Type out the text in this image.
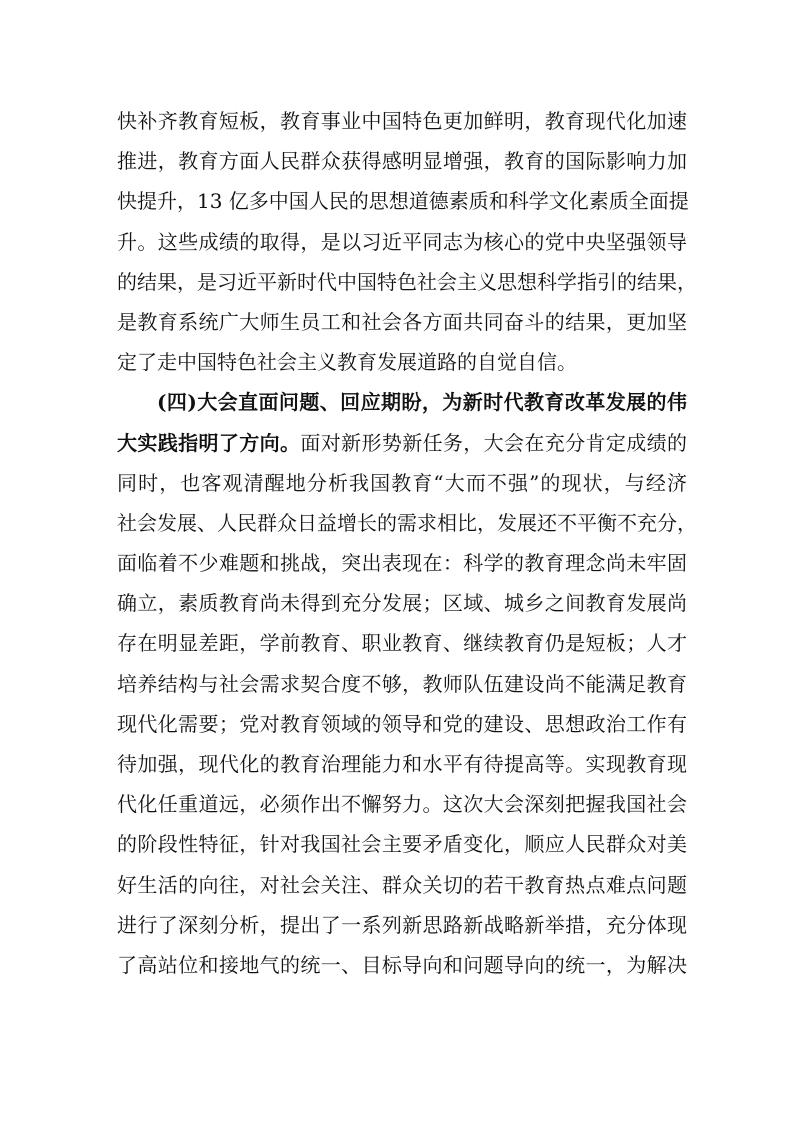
快补齐教育短板，教育事业中国特色更加鲜明，教育现代化加速
推进，教育方面人民群众获得感明显增强，教育的国际影响力加
快提升，13 亿多中国人民的思想道德素质和科学文化素质全面提
升。这些成绩的取得，是以习近平同志为核心的党中央坚强领导
的结果，是习近平新时代中国特色社会主义思想科学指引的结果，
是教育系统广大师生员工和社会各方面共同奋斗的结果，更加坚
定了走中国特色社会主义教育发展道路的自觉自信。
(四)大会直面问题、回应期盼，为新时代教育改革发展的伟
大实践指明了方向。面对新形势新任务，大会在充分肯定成绩的
同时，也客观清醒地分析我国教育“大而不强”的现状，与经济
社会发展、人民群众日益增长的需求相比，发展还不平衡不充分，
面临着不少难题和挑战，突出表现在：科学的教育理念尚未牢固
确立，素质教育尚未得到充分发展；区域、城乡之间教育发展尚
存在明显差距，学前教育、职业教育、继续教育仍是短板；人才
培养结构与社会需求契合度不够，教师队伍建设尚不能满足教育
现代化需要；党对教育领域的领导和党的建设、思想政治工作有
待加强，现代化的教育治理能力和水平有待提高等。实现教育现
代化任重道远，必须作出不懈努力。这次大会深刻把握我国社会
的阶段性特征，针对我国社会主要矛盾变化，顺应人民群众对美
好生活的向往，对社会关注、群众关切的若干教育热点难点问题
进行了深刻分析，提出了一系列新思路新战略新举措，充分体现
了高站位和接地气的统一、目标导向和问题导向的统一，为解决
